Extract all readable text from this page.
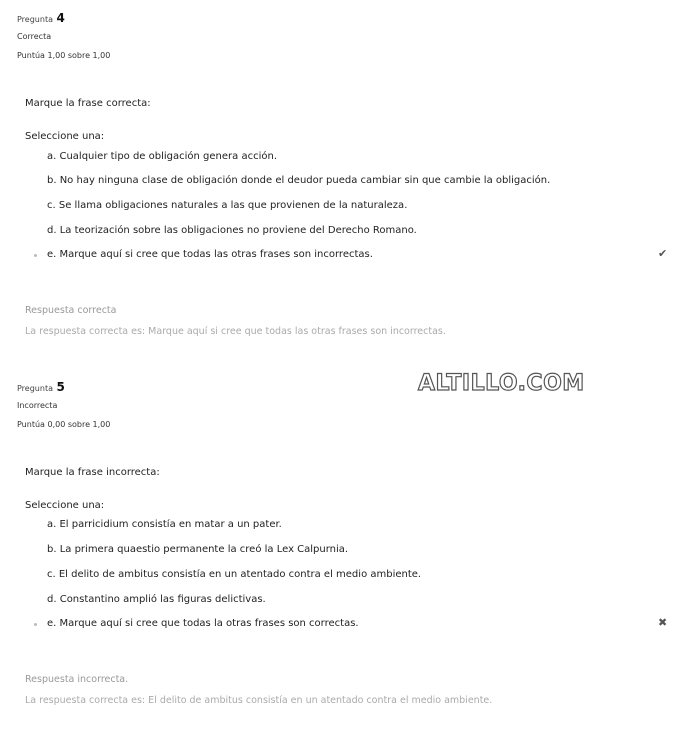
Pregunta 4
Correcta
Puntúa 1,00 sobre 1,00
Marque la frase correcta:
Seleccione una:
a. Cualquier tipo de obligación genera acción.
b. No hay ninguna clase de obligación donde el deudor pueda cambiar sin que cambie la obligación.
c. Se llama obligaciones naturales a las que provienen de la naturaleza.
d. La teorización sobre las obligaciones no proviene del Derecho Romano.
e. Marque aquí si cree que todas las otras frases son incorrectas.	✔
Respuesta correcta
La respuesta correcta es: Marque aquí si cree que todas las otras frases son incorrectas.
ALTILLO.COM
Pregunta 5
Incorrecta
Puntúa 0,00 sobre 1,00
Marque la frase incorrecta:
Seleccione una:
a. El parricidium consistía en matar a un pater.
b. La primera quaestio permanente la creó la Lex Calpurnia.
c. El delito de ambitus consistía en un atentado contra el medio ambiente.
d. Constantino amplió las figuras delictivas.
e. Marque aquí si cree que todas la otras frases son correctas.	✖
Respuesta incorrecta.
La respuesta correcta es: El delito de ambitus consistía en un atentado contra el medio ambiente.
